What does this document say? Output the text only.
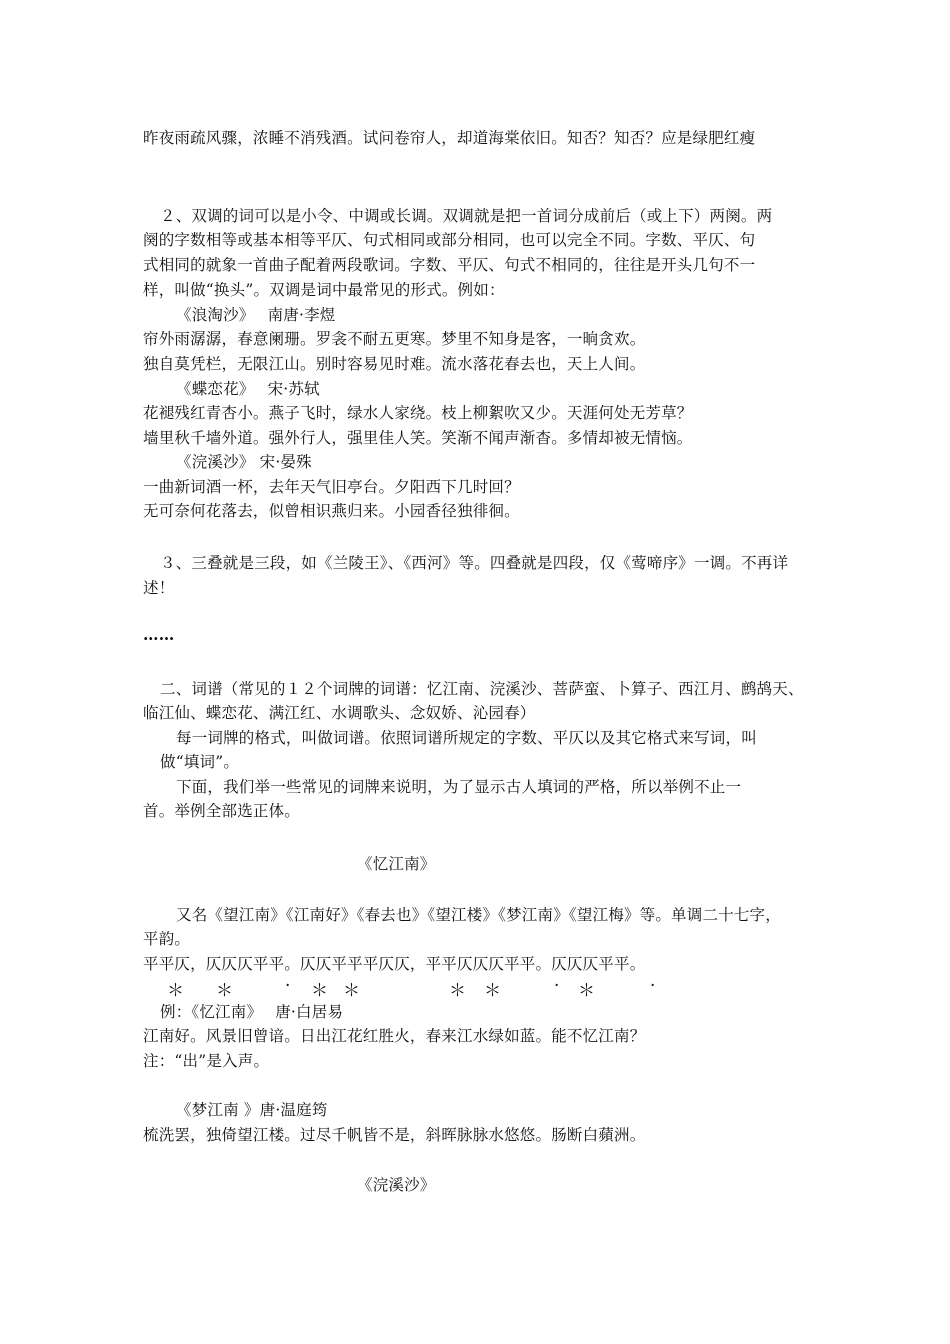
昨夜雨疏风骤，浓睡不消残酒。试问卷帘人，却道海棠依旧。知否？知否？应是绿肥红瘦
２、双调的词可以是小令、中调或长调。双调就是把一首词分成前后（或上下）两阕。两
阕的字数相等或基本相等平仄、句式相同或部分相同，也可以完全不同。字数、平仄、句
式相同的就象一首曲子配着两段歌词。字数、平仄、句式不相同的，往往是开头几句不一
样，叫做“换头”。双调是词中最常见的形式。例如：
《浪淘沙》　 南唐·李煜
帘外雨潺潺，春意阑珊。罗衾不耐五更寒。梦里不知身是客，一晌贪欢。
独自莫凭栏，无限江山。别时容易见时难。流水落花春去也，天上人间。
《蝶恋花》　 宋·苏轼
花褪残红青杏小。燕子飞时，绿水人家绕。枝上柳絮吹又少。天涯何处无芳草？
墙里秋千墙外道。强外行人，强里佳人笑。笑渐不闻声渐杳。多情却被无情恼。
《浣溪沙》 宋·晏殊
一曲新词酒一杯，去年天气旧亭台。夕阳西下几时回？
无可奈何花落去，似曾相识燕归来。小园香径独徘徊。
３、三叠就是三段，如《兰陵王》、《西河》等。四叠就是四段，仅《莺啼序》一调。不再详
述！
……
二、词谱（常见的１２个词牌的词谱：忆江南、浣溪沙、菩萨蛮、卜算子、西江月、鹧鸪天、
临江仙、蝶恋花、满江红、水调歌头、念奴娇、沁园春）
每一词牌的格式，叫做词谱。依照词谱所规定的字数、平仄以及其它格式来写词，叫
做“填词”。
下面，我们举一些常见的词牌来说明，为了显示古人填词的严格，所以举例不止一
首。举例全部选正体。
《忆江南》
又名《望江南》《江南好》《春去也》《望江楼》《梦江南》《望江梅》等。单调二十七字，
平韵。
平平仄，仄仄仄平平。仄仄平平平仄仄，平平仄仄仄平平。仄仄仄平平。
＊ ＊	· ＊ ＊	＊ ＊	· ＊	·
例：《忆江南》　 唐·白居易
江南好。风景旧曾谙。日出江花红胜火，春来江水绿如蓝。能不忆江南？
注：“出”是入声。
《梦江南 》唐·温庭筠
梳洗罢，独倚望江楼。过尽千帆皆不是，斜晖脉脉水悠悠。肠断白蘋洲。
《浣溪沙》
